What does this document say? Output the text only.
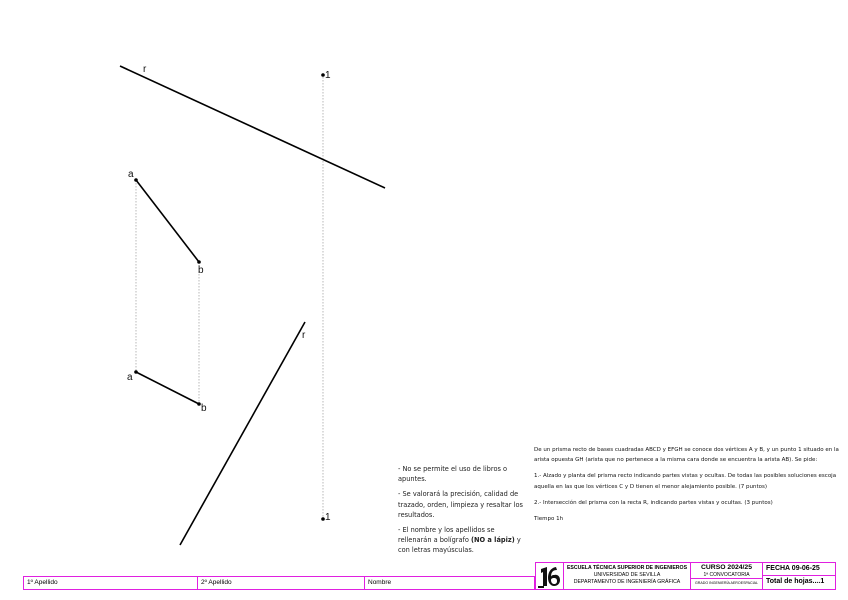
r
1
a
b
r
a
b
1

- No se permite el uso de libros o apuntes.

- Se valorará la precisión, calidad de trazado, orden, limpieza y resaltar los resultados.

- El nombre y los apellidos se rellenarán a bolígrafo (NO a lápiz) y con letras mayúsculas.

De un prisma recto de bases cuadradas ABCD y EFGH se conoce dos vértices A y B, y un punto 1 situado en la arista opuesta GH (arista que no pertenece a la misma cara donde se encuentra la arista AB). Se pide:

1.- Alzado y planta del prisma recto indicando partes vistas y ocultas. De todas las posibles soluciones escoja aquella en las que los vértices C y D tienen el menor alejamiento posible. (7 puntos)

2.- Intersección del prisma con la recta R, indicando partes vistas y ocultas. (3 puntos)

Tiempo 1h

1º Apellido	2º Apellido	Nombre
ESCUELA TÉCNICA SUPERIOR DE INGENIEROS
UNIVERSIDAD DE SEVILLA
DEPARTAMENTO DE INGENIERÍA GRÁFICA
CURSO 2024/25
1ª CONVOCATORIA
GRADO INGENIERÍA AEROESPACIAL
FECHA 09-06-25
Total de hojas....1
